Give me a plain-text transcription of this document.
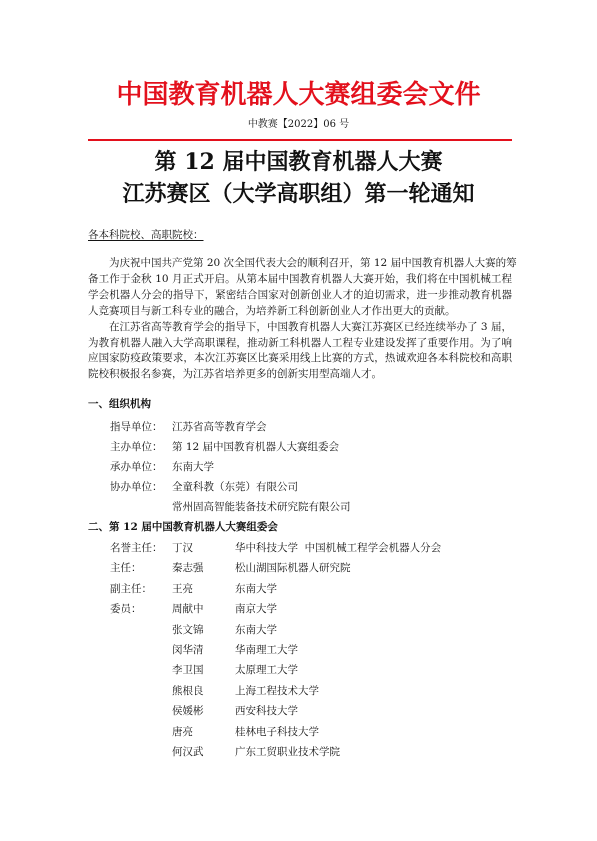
中国教育机器人大赛组委会文件
中教赛【2022】06 号
第 12 届中国教育机器人大赛
江苏赛区（大学高职组）第一轮通知
各本科院校、高职院校：
为庆祝中国共产党第 20 次全国代表大会的顺利召开，第 12 届中国教育机器人大赛的筹
备工作于金秋 10 月正式开启。从第本届中国教育机器人大赛开始，我们将在中国机械工程
学会机器人分会的指导下，紧密结合国家对创新创业人才的迫切需求，进一步推动教育机器
人竞赛项目与新工科专业的融合，为培养新工科创新创业人才作出更大的贡献。
在江苏省高等教育学会的指导下，中国教育机器人大赛江苏赛区已经连续举办了 3 届，
为教育机器人融入大学高职课程，推动新工科机器人工程专业建设发挥了重要作用。为了响
应国家防疫政策要求，本次江苏赛区比赛采用线上比赛的方式，热诚欢迎各本科院校和高职
院校积极报名参赛，为江苏省培养更多的创新实用型高端人才。
一、组织机构
指导单位： 江苏省高等教育学会
主办单位： 第 12 届中国教育机器人大赛组委会
承办单位： 东南大学
协办单位： 全童科教（东莞）有限公司
常州固高智能装备技术研究院有限公司
二、第 12 届中国教育机器人大赛组委会
名誉主任： 丁汉	华中科技大学  中国机械工程学会机器人分会
主任：	秦志强	松山湖国际机器人研究院
副主任：	王亮	东南大学
委员：	周献中	南京大学
张文锦	东南大学
闵华清	华南理工大学
李卫国	太原理工大学
熊根良	上海工程技术大学
侯媛彬	西安科技大学
唐亮	桂林电子科技大学
何汉武	广东工贸职业技术学院
